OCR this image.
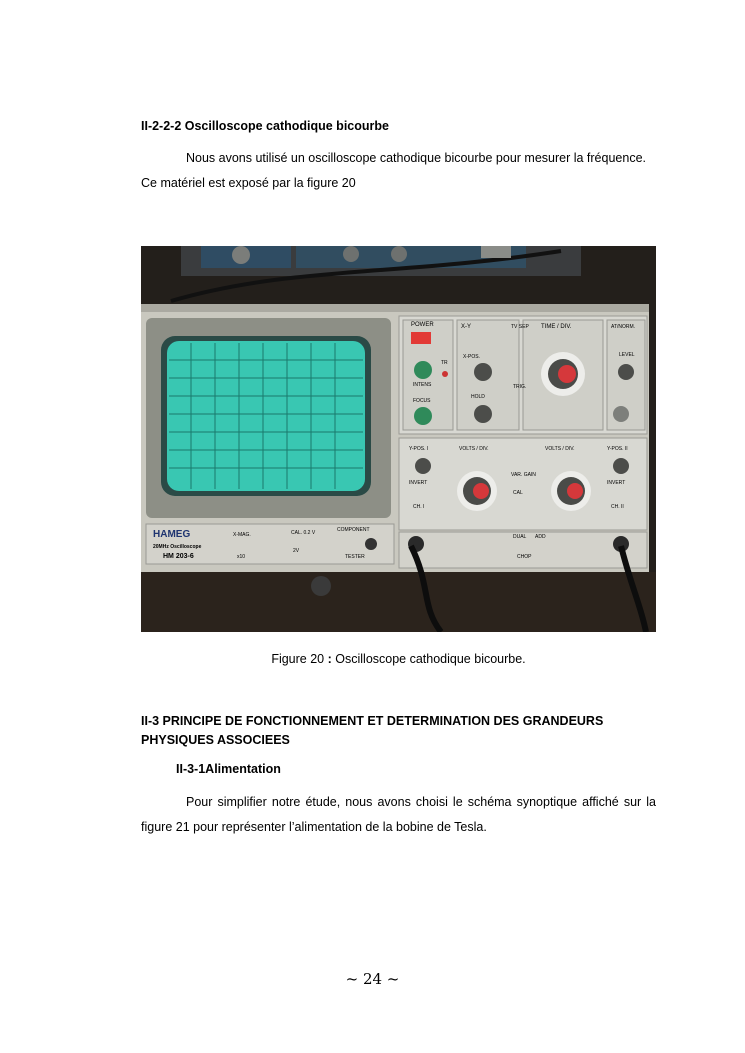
II-2-2-2 Oscilloscope cathodique bicourbe
Nous avons utilisé un oscilloscope cathodique bicourbe pour mesurer la fréquence. Ce matériel est exposé par la figure 20
POWER	X-Y	TV SEP TIME / DIV.	AT/NORM.
INTENS
TR
FOCUS
X-POS.
TRIG.
HOLD
LEVEL
Y-POS. I
INVERT
CH. I
VOLTS / DIV.
VAR. GAIN
CAL
VOLTS / DIV.	Y-POS. II
INVERT
CH. II
HAMEG
20MHz Oscilloscope
HM 203-6
X-MAG.
x10
CAL. 0.2 V
2V
COMPONENT
TESTER
DUAL ADD
CHOP
Figure 20 : Oscilloscope cathodique bicourbe.
II-3 PRINCIPE DE FONCTIONNEMENT ET DETERMINATION DES GRANDEURS PHYSIQUES ASSOCIEES
II-3-1Alimentation
Pour simplifier notre étude, nous avons choisi le schéma synoptique affiché sur la figure 21 pour représenter l’alimentation de la bobine de Tesla.
~ 24 ~
